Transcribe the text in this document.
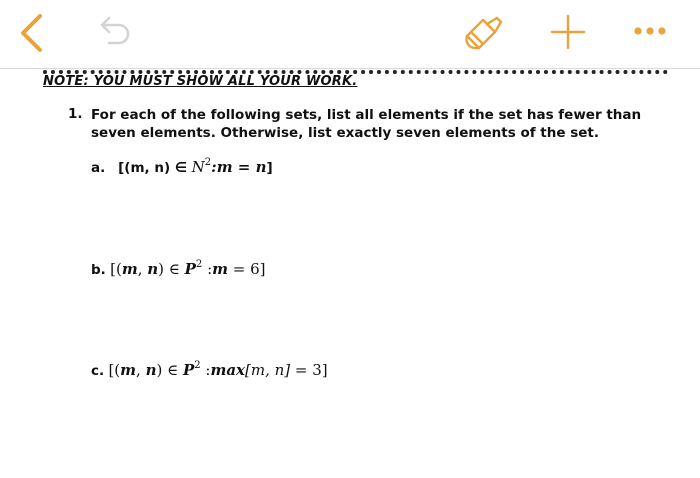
NOTE: YOU MUST SHOW ALL YOUR WORK.
1. For each of the following sets, list all elements if the set has fewer than seven elements. Otherwise, list exactly seven elements of the set.
a. [(m, n) ∈ $N^2:m = n$]
b. [(m, n) ∈ $P^2$ :m = 6]
c. [(m, n) ∈ $P^2$ :max[m, n] = 3]
